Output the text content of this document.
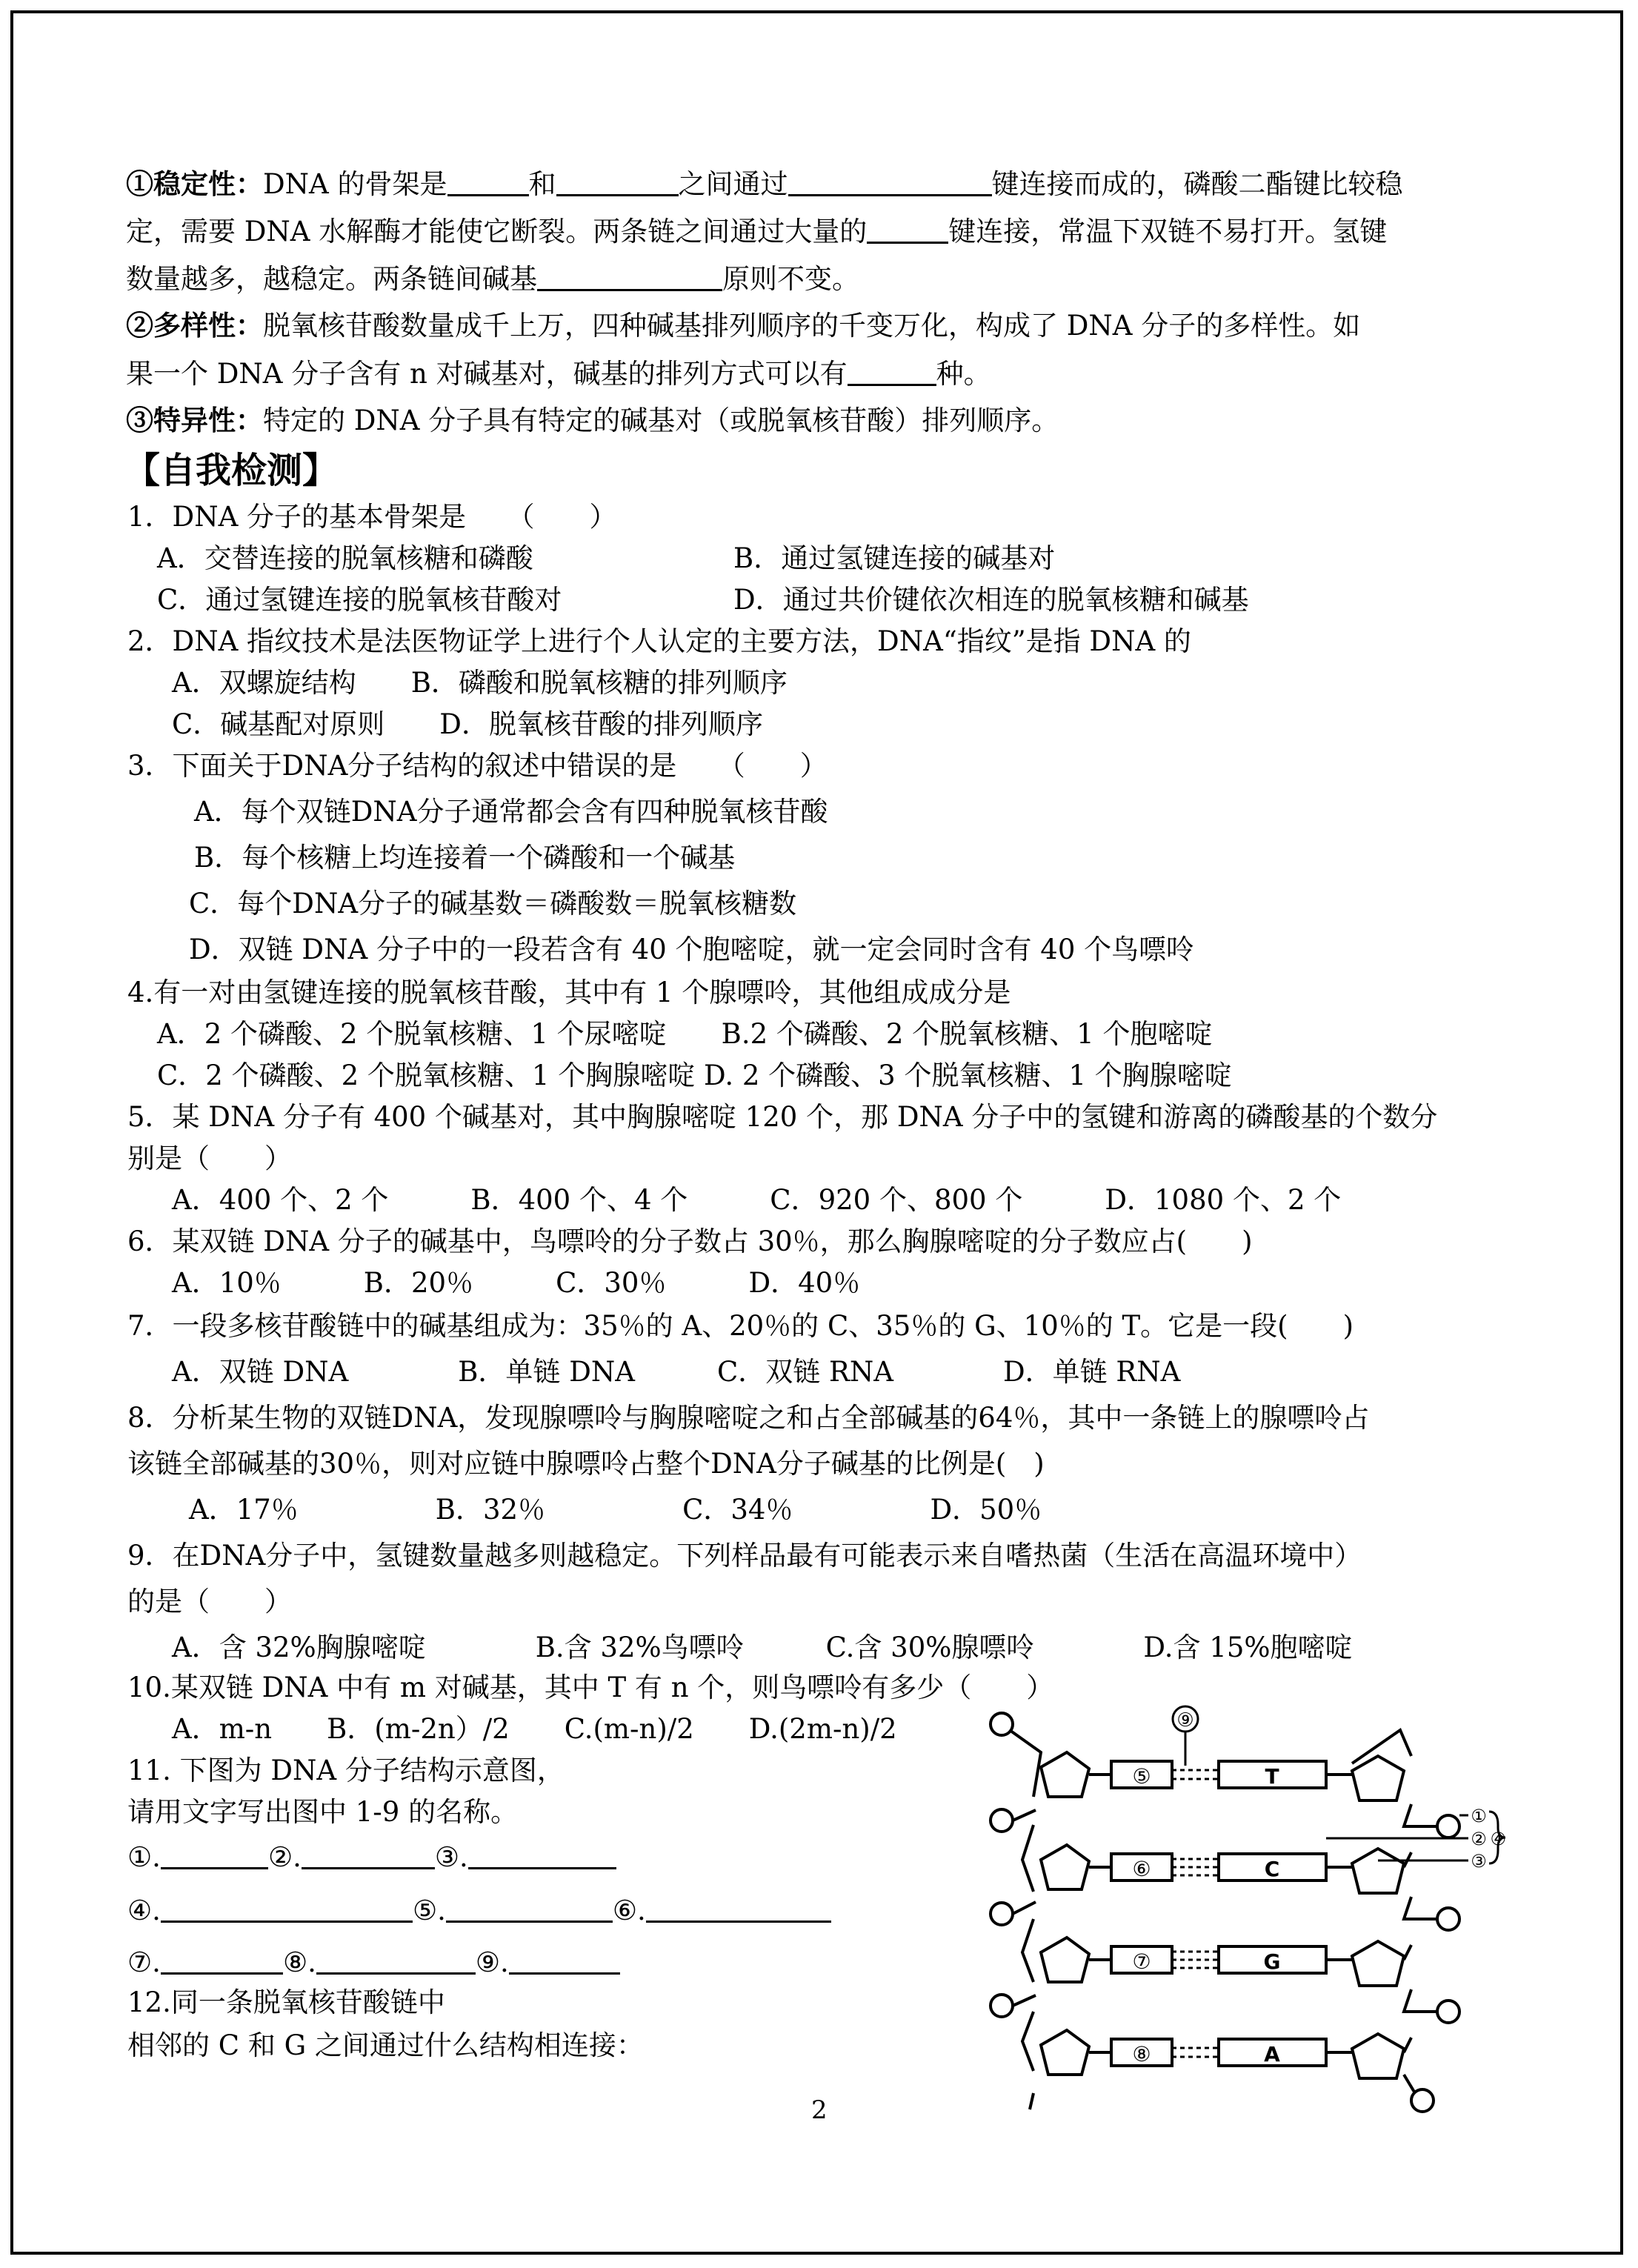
①稳定性：DNA 的骨架是	和	之间通过	键连接而成的，磷酸二酯键比较稳
定，需要 DNA 水解酶才能使它断裂。两条链之间通过大量的	键连接，常温下双链不易打开。氢键
数量越多，越稳定。两条链间碱基	原则不变。
②多样性：脱氧核苷酸数量成千上万，四种碱基排列顺序的千变万化，构成了 DNA 分子的多样性。如
果一个 DNA 分子含有 n 对碱基对，碱基的排列方式可以有	种。
③特异性：特定的 DNA 分子具有特定的碱基对（或脱氧核苷酸）排列顺序。
【自我检测】
1．DNA 分子的基本骨架是　　（　　）
A．交替连接的脱氧核糖和磷酸	B．通过氢键连接的碱基对
C．通过氢键连接的脱氧核苷酸对	D．通过共价键依次相连的脱氧核糖和碱基
2．DNA 指纹技术是法医物证学上进行个人认定的主要方法，DNA“指纹”是指 DNA 的
A．双螺旋结构　　B．磷酸和脱氧核糖的排列顺序
C．碱基配对原则　　D．脱氧核苷酸的排列顺序
3．下面关于DNA分子结构的叙述中错误的是　　（　　）
A．每个双链DNA分子通常都会含有四种脱氧核苷酸
B．每个核糖上均连接着一个磷酸和一个碱基
C．每个DNA分子的碱基数＝磷酸数＝脱氧核糖数
D．双链 DNA 分子中的一段若含有 40 个胞嘧啶，就一定会同时含有 40 个鸟嘌呤
4.有一对由氢键连接的脱氧核苷酸，其中有 1 个腺嘌呤，其他组成成分是
A．2 个磷酸、2 个脱氧核糖、1 个尿嘧啶　　B.2 个磷酸、2 个脱氧核糖、1 个胞嘧啶
C．2 个磷酸、2 个脱氧核糖、1 个胸腺嘧啶 D. 2 个磷酸、3 个脱氧核糖、1 个胸腺嘧啶
5．某 DNA 分子有 400 个碱基对，其中胸腺嘧啶 120 个，那 DNA 分子中的氢键和游离的磷酸基的个数分
别是（　　）
A．400 个、2 个　　　B．400 个、4 个　　　C．920 个、800 个　　　D．1080 个、2 个
6．某双链 DNA 分子的碱基中，鸟嘌呤的分子数占 30％，那么胸腺嘧啶的分子数应占(　　)
A．10％　　　B．20％　　　C．30％　　　D．40％
7．一段多核苷酸链中的碱基组成为：35％的 A、20％的 C、35％的 G、10％的 T。它是一段(　　)
A．双链 DNA　　　　B．单链 DNA　　　C．双链 RNA　　　　D．单链 RNA
8．分析某生物的双链DNA，发现腺嘌呤与胸腺嘧啶之和占全部碱基的64％，其中一条链上的腺嘌呤占
该链全部碱基的30％，则对应链中腺嘌呤占整个DNA分子碱基的比例是(　)
A．17％　　　　　B．32％　　　　　C．34％　　　　　D．50％
9．在DNA分子中，氢键数量越多则越稳定。下列样品最有可能表示来自嗜热菌（生活在高温环境中）
的是（　　）
A．含 32%胸腺嘧啶　　　　B.含 32%鸟嘌呤　　　C.含 30%腺嘌呤　　　　D.含 15%胞嘧啶
10.某双链 DNA 中有 m 对碱基，其中 T 有 n 个，则鸟嘌呤有多少（　　）
A．m-n　　B．(m-2n）/2　　C.(m-n)/2　　D.(2m-n)/2
11. 下图为 DNA 分子结构示意图，
请用文字写出图中 1-9 的名称。
①.	②.	③.
④.	⑤.	⑥.
⑦.	⑧.	⑨.
12.同一条脱氧核苷酸链中
相邻的 C 和 G 之间通过什么结构相连接：
⑨
⑤
⑥
⑦
⑧
T
C
G
A
①
②
③
④
2
